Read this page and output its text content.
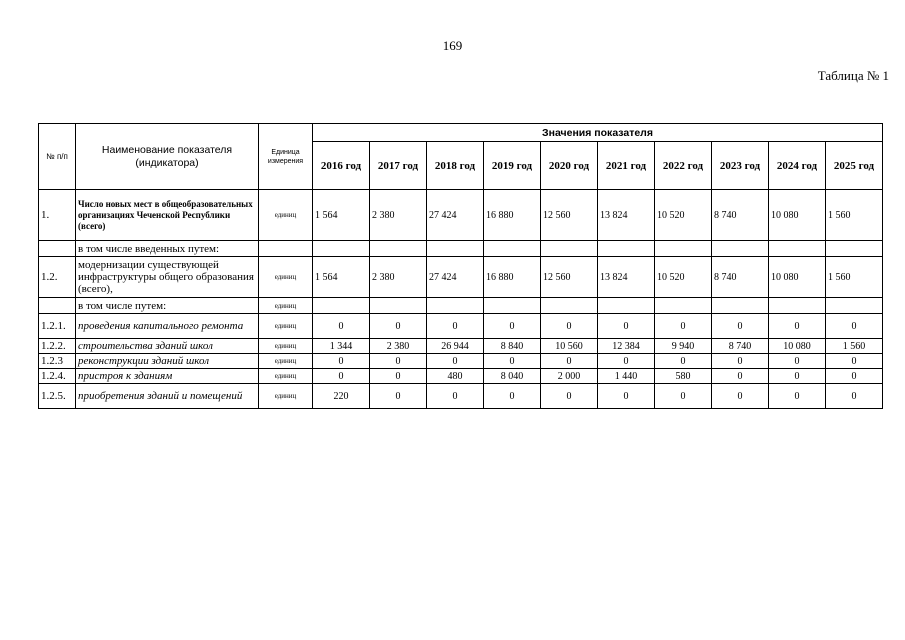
169
Таблица № 1
№ п/п	Наименование показателя (индикатора)	Единица измерения	Значения показателя									
			2016 год	2017 год	2018 год	2019 год	2020 год	2021 год	2022 год	2023 год	2024 год	2025 год
1.	Число новых мест в общеобразовательных организациях Чеченской Республики (всего)	единиц	1 564	2 380	27 424	16 880	12 560	13 824	10 520	8 740	10 080	1 560
	в том числе введенных путем:											
1.2.	модернизации существующей инфраструктуры общего образования (всего),	единиц	1 564	2 380	27 424	16 880	12 560	13 824	10 520	8 740	10 080	1 560
	в том числе путем:	единиц										
1.2.1.	проведения капитального ремонта	единиц	0	0	0	0	0	0	0	0	0	0
1.2.2.	строительства зданий школ	единиц	1 344	2 380	26 944	8 840	10 560	12 384	9 940	8 740	10 080	1 560
1.2.3	реконструкции зданий школ	единиц	0	0	0	0	0	0	0	0	0	0
1.2.4.	пристроя к зданиям	единиц	0	0	480	8 040	2 000	1 440	580	0	0	0
1.2.5.	приобретения зданий и помещений	единиц	220	0	0	0	0	0	0	0	0	0
